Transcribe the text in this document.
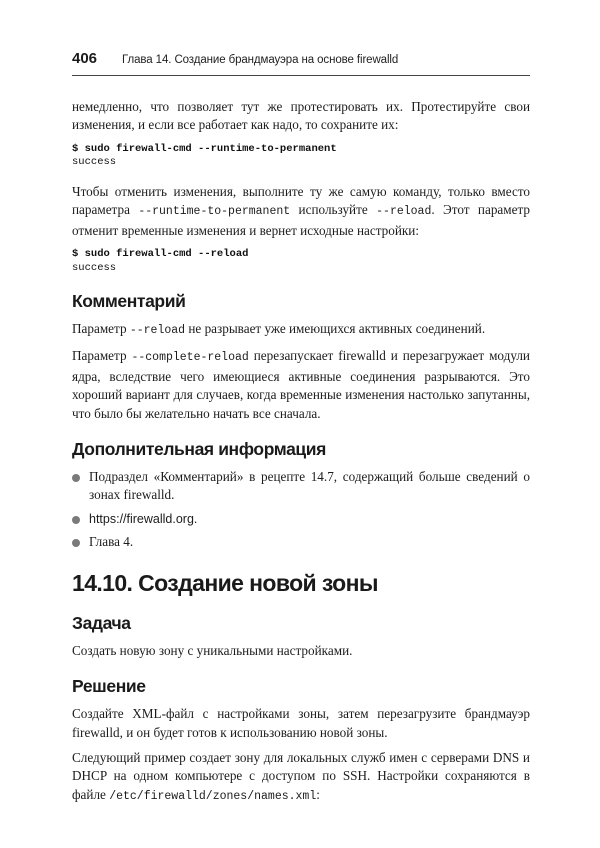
406	Глава 14. Создание брандмауэра на основе firewalld

немедленно, что позволяет тут же протестировать их. Протестируйте свои изменения, и если все работает как надо, то сохраните их:

$ sudo firewall-cmd --runtime-to-permanent
success

Чтобы отменить изменения, выполните ту же самую команду, только вместо параметра --runtime-to-permanent используйте --reload. Этот параметр отменит временные изменения и вернет исходные настройки:

$ sudo firewall-cmd --reload
success
Комментарий

Параметр --reload не разрывает уже имеющихся активных соединений.

Параметр --complete-reload перезапускает firewalld и перезагружает модули ядра, вследствие чего имеющиеся активные соединения разрываются. Это хороший вариант для случаев, когда временные изменения настолько запутанны, что было бы желательно начать все сначала.

Дополнительная информация
Подраздел «Комментарий» в рецепте 14.7, содержащий больше сведений о зонах firewalld.
https://firewalld.org.
Глава 4.
14.10. Создание новой зоны
Задача

Создать новую зону с уникальными настройками.

Решение

Создайте XML-файл с настройками зоны, затем перезагрузите брандмауэр firewalld, и он будет готов к использованию новой зоны.

Следующий пример создает зону для локальных служб имен с серверами DNS и DHCP на одном компьютере с доступом по SSH. Настройки сохраняются в файле /etc/firewalld/zones/names.xml:
